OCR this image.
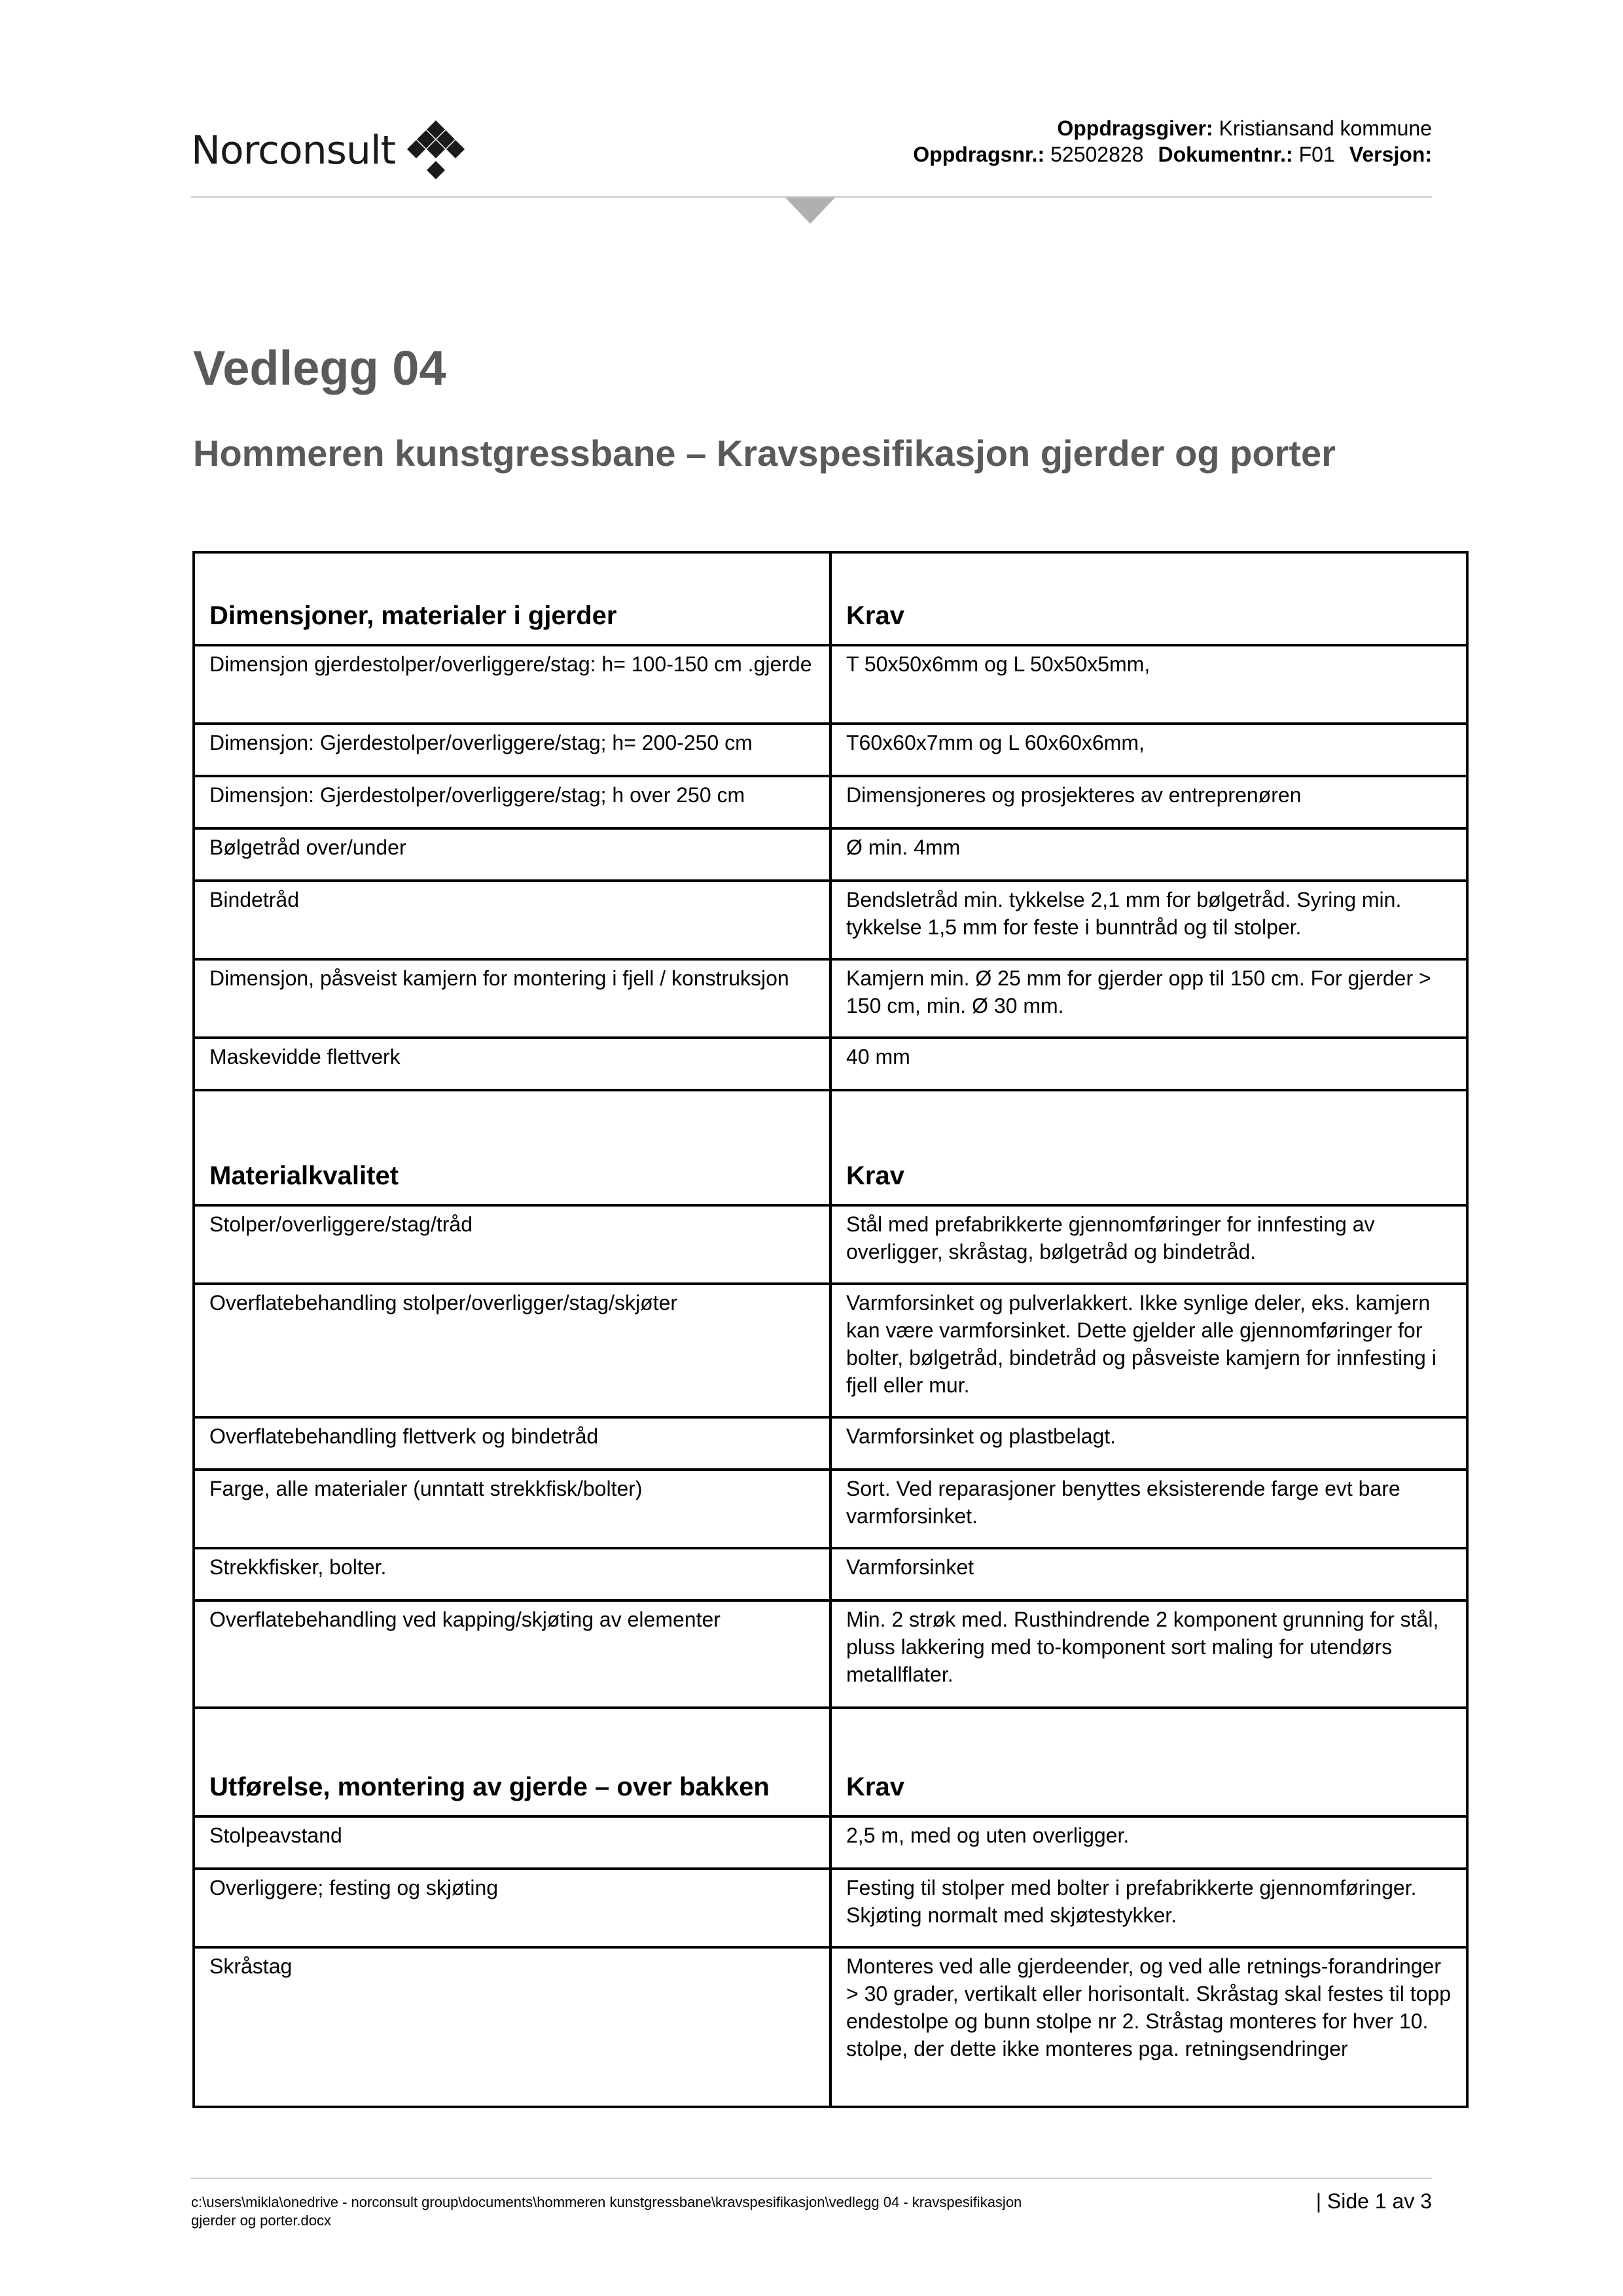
Norconsult	Oppdragsgiver: Kristiansand kommune
Oppdragsnr.: 52502828 Dokumentnr.: F01 Versjon:
Vedlegg 04
Hommeren kunstgressbane – Kravspesifikasjon gjerder og porter
Dimensjoner, materialer i gjerder	Krav
Dimensjon gjerdestolper/overliggere/stag: h= 100-150 cm .gjerde	T 50x50x6mm og L 50x50x5mm,
Dimensjon: Gjerdestolper/overliggere/stag; h= 200-250 cm	T60x60x7mm og L 60x60x6mm,
Dimensjon: Gjerdestolper/overliggere/stag; h over 250 cm	Dimensjoneres og prosjekteres av entreprenøren
Bølgetråd over/under	Ø min. 4mm
Bindetråd	Bendsletråd min. tykkelse 2,1 mm for bølgetråd. Syring min. tykkelse 1,5 mm for feste i bunntråd og til stolper.
Dimensjon, påsveist kamjern for montering i fjell / konstruksjon	Kamjern min. Ø 25 mm for gjerder opp til 150 cm. For gjerder > 150 cm, min. Ø 30 mm.
Maskevidde flettverk	40 mm
Materialkvalitet	Krav
Stolper/overliggere/stag/tråd	Stål med prefabrikkerte gjennomføringer for innfesting av overligger, skråstag, bølgetråd og bindetråd.
Overflatebehandling stolper/overligger/stag/skjøter	Varmforsinket og pulverlakkert. Ikke synlige deler, eks. kamjern kan være varmforsinket. Dette gjelder alle gjennomføringer for bolter, bølgetråd, bindetråd og påsveiste kamjern for innfesting i fjell eller mur.
Overflatebehandling flettverk og bindetråd	Varmforsinket og plastbelagt.
Farge, alle materialer (unntatt strekkfisk/bolter)	Sort. Ved reparasjoner benyttes eksisterende farge evt bare varmforsinket.
Strekkfisker, bolter.	Varmforsinket
Overflatebehandling ved kapping/skjøting av elementer	Min. 2 strøk med. Rusthindrende 2 komponent grunning for stål, pluss lakkering med to-komponent sort maling for utendørs metallflater.
Utførelse, montering av gjerde – over bakken	Krav
Stolpeavstand	2,5 m, med og uten overligger.
Overliggere; festing og skjøting	Festing til stolper med bolter i prefabrikkerte gjennomføringer. Skjøting normalt med skjøtestykker.
Skråstag	Monteres ved alle gjerdeender, og ved alle retnings-forandringer > 30 grader, vertikalt eller horisontalt. Skråstag skal festes til topp endestolpe og bunn stolpe nr 2. Stråstag monteres for hver 10. stolpe, der dette ikke monteres pga. retningsendringer
c:\users\mikla\onedrive - norconsult group\documents\hommeren kunstgressbane\kravspesifikasjon\vedlegg 04 - kravspesifikasjon gjerder og porter.docx
| Side 1 av 3
